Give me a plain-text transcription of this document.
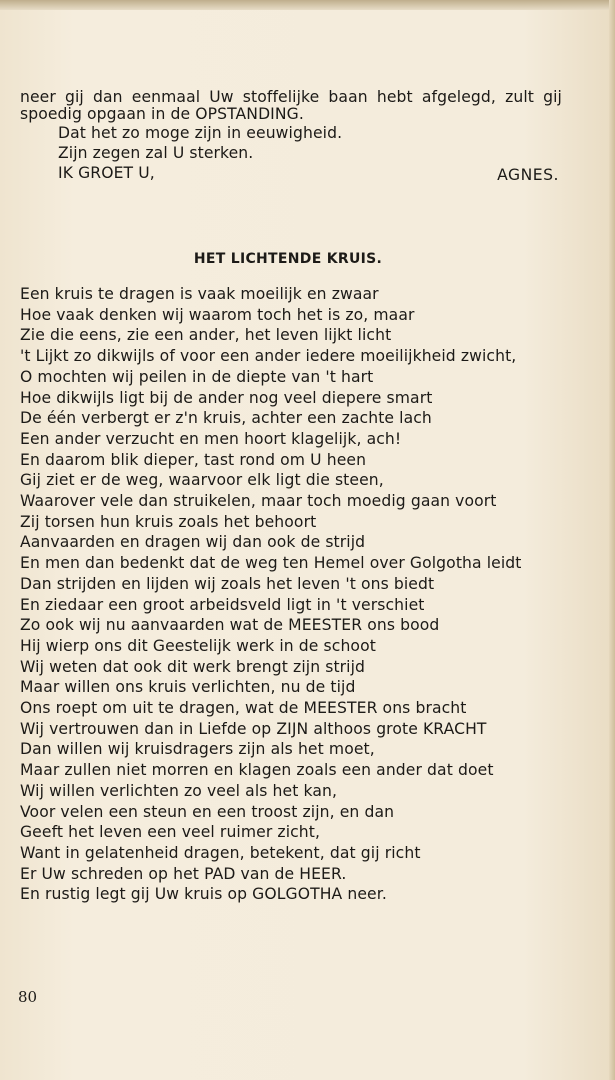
neer gij dan eenmaal Uw stoffelijke baan hebt afgelegd, zult gij
spoedig opgaan in de OPSTANDING.
Dat het zo moge zijn in eeuwigheid.
Zijn zegen zal U sterken.
IK GROET U,	AGNES.
HET LICHTENDE KRUIS.
Een kruis te dragen is vaak moeilijk en zwaar
Hoe vaak denken wij waarom toch het is zo, maar
Zie die eens, zie een ander, het leven lijkt licht
't Lijkt zo dikwijls of voor een ander iedere moeilijkheid zwicht,
O mochten wij peilen in de diepte van 't hart
Hoe dikwijls ligt bij de ander nog veel diepere smart
De één verbergt er z'n kruis, achter een zachte lach
Een ander verzucht en men hoort klagelijk, ach!
En daarom blik dieper, tast rond om U heen
Gij ziet er de weg, waarvoor elk ligt die steen,
Waarover vele dan struikelen, maar toch moedig gaan voort
Zij torsen hun kruis zoals het behoort
Aanvaarden en dragen wij dan ook de strijd
En men dan bedenkt dat de weg ten Hemel over Golgotha leidt
Dan strijden en lijden wij zoals het leven 't ons biedt
En ziedaar een groot arbeidsveld ligt in 't verschiet
Zo ook wij nu aanvaarden wat de MEESTER ons bood
Hij wierp ons dit Geestelijk werk in de schoot
Wij weten dat ook dit werk brengt zijn strijd
Maar willen ons kruis verlichten, nu de tijd
Ons roept om uit te dragen, wat de MEESTER ons bracht
Wij vertrouwen dan in Liefde op ZIJN althoos grote KRACHT
Dan willen wij kruisdragers zijn als het moet,
Maar zullen niet morren en klagen zoals een ander dat doet
Wij willen verlichten zo veel als het kan,
Voor velen een steun en een troost zijn, en dan
Geeft het leven een veel ruimer zicht,
Want in gelatenheid dragen, betekent, dat gij richt
Er Uw schreden op het PAD van de HEER.
En rustig legt gij Uw kruis op GOLGOTHA neer.
80
